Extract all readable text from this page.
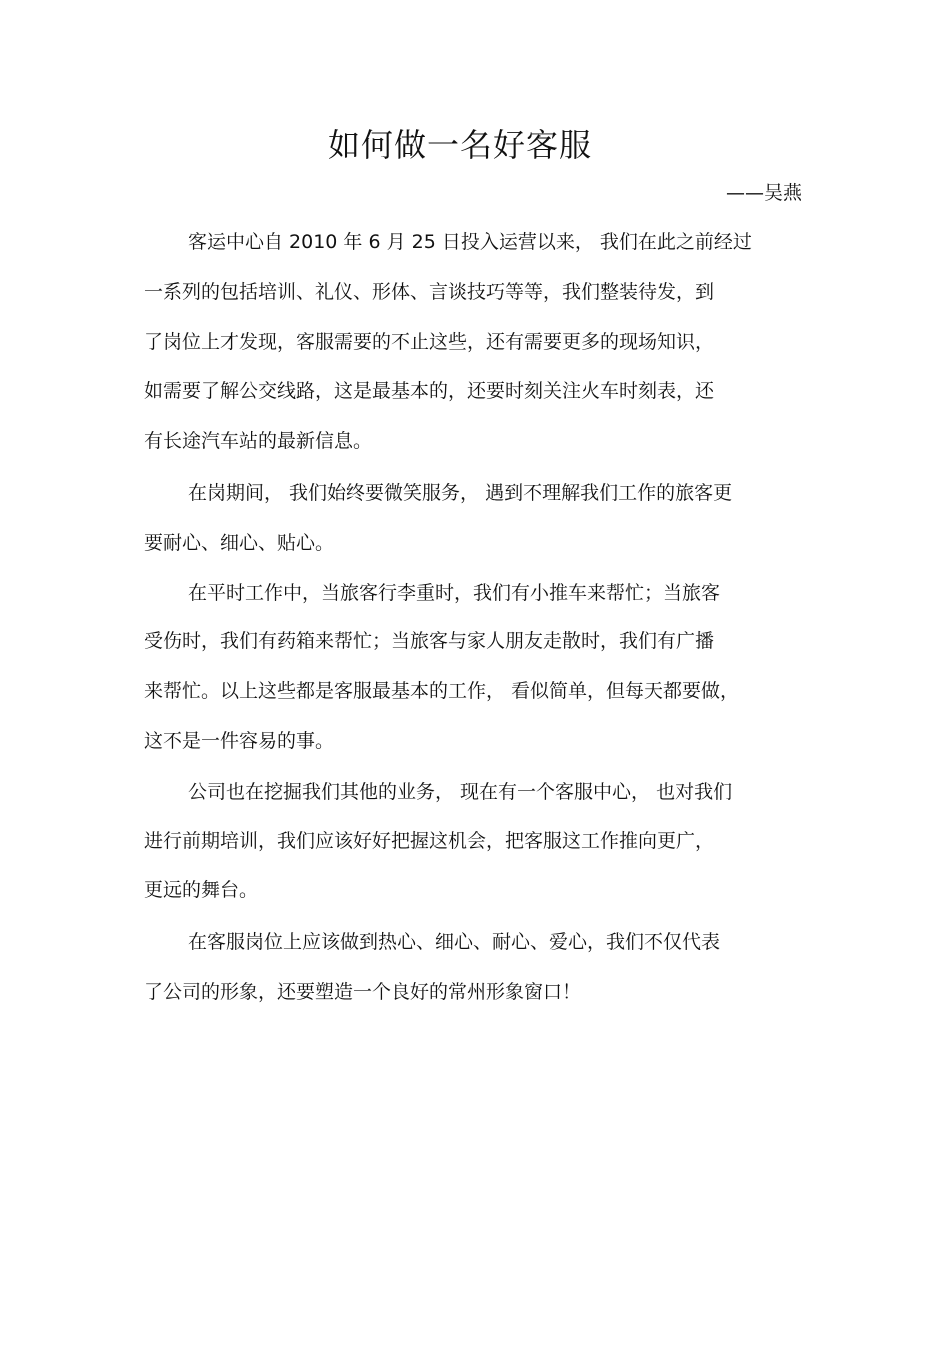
如何做一名好客服
——吴燕
客运中心自 2010 年 6 月 25 日投入运营以来， 我们在此之前经过
一系列的包括培训、礼仪、形体、言谈技巧等等，我们整装待发，到
了岗位上才发现，客服需要的不止这些，还有需要更多的现场知识，
如需要了解公交线路，这是最基本的，还要时刻关注火车时刻表，还
有长途汽车站的最新信息。
在岗期间， 我们始终要微笑服务， 遇到不理解我们工作的旅客更
要耐心、细心、贴心。
在平时工作中，当旅客行李重时，我们有小推车来帮忙；当旅客
受伤时，我们有药箱来帮忙；当旅客与家人朋友走散时，我们有广播
来帮忙。以上这些都是客服最基本的工作， 看似简单，但每天都要做，
这不是一件容易的事。
公司也在挖掘我们其他的业务， 现在有一个客服中心， 也对我们
进行前期培训，我们应该好好把握这机会，把客服这工作推向更广，
更远的舞台。
在客服岗位上应该做到热心、细心、耐心、爱心，我们不仅代表
了公司的形象，还要塑造一个良好的常州形象窗口！
